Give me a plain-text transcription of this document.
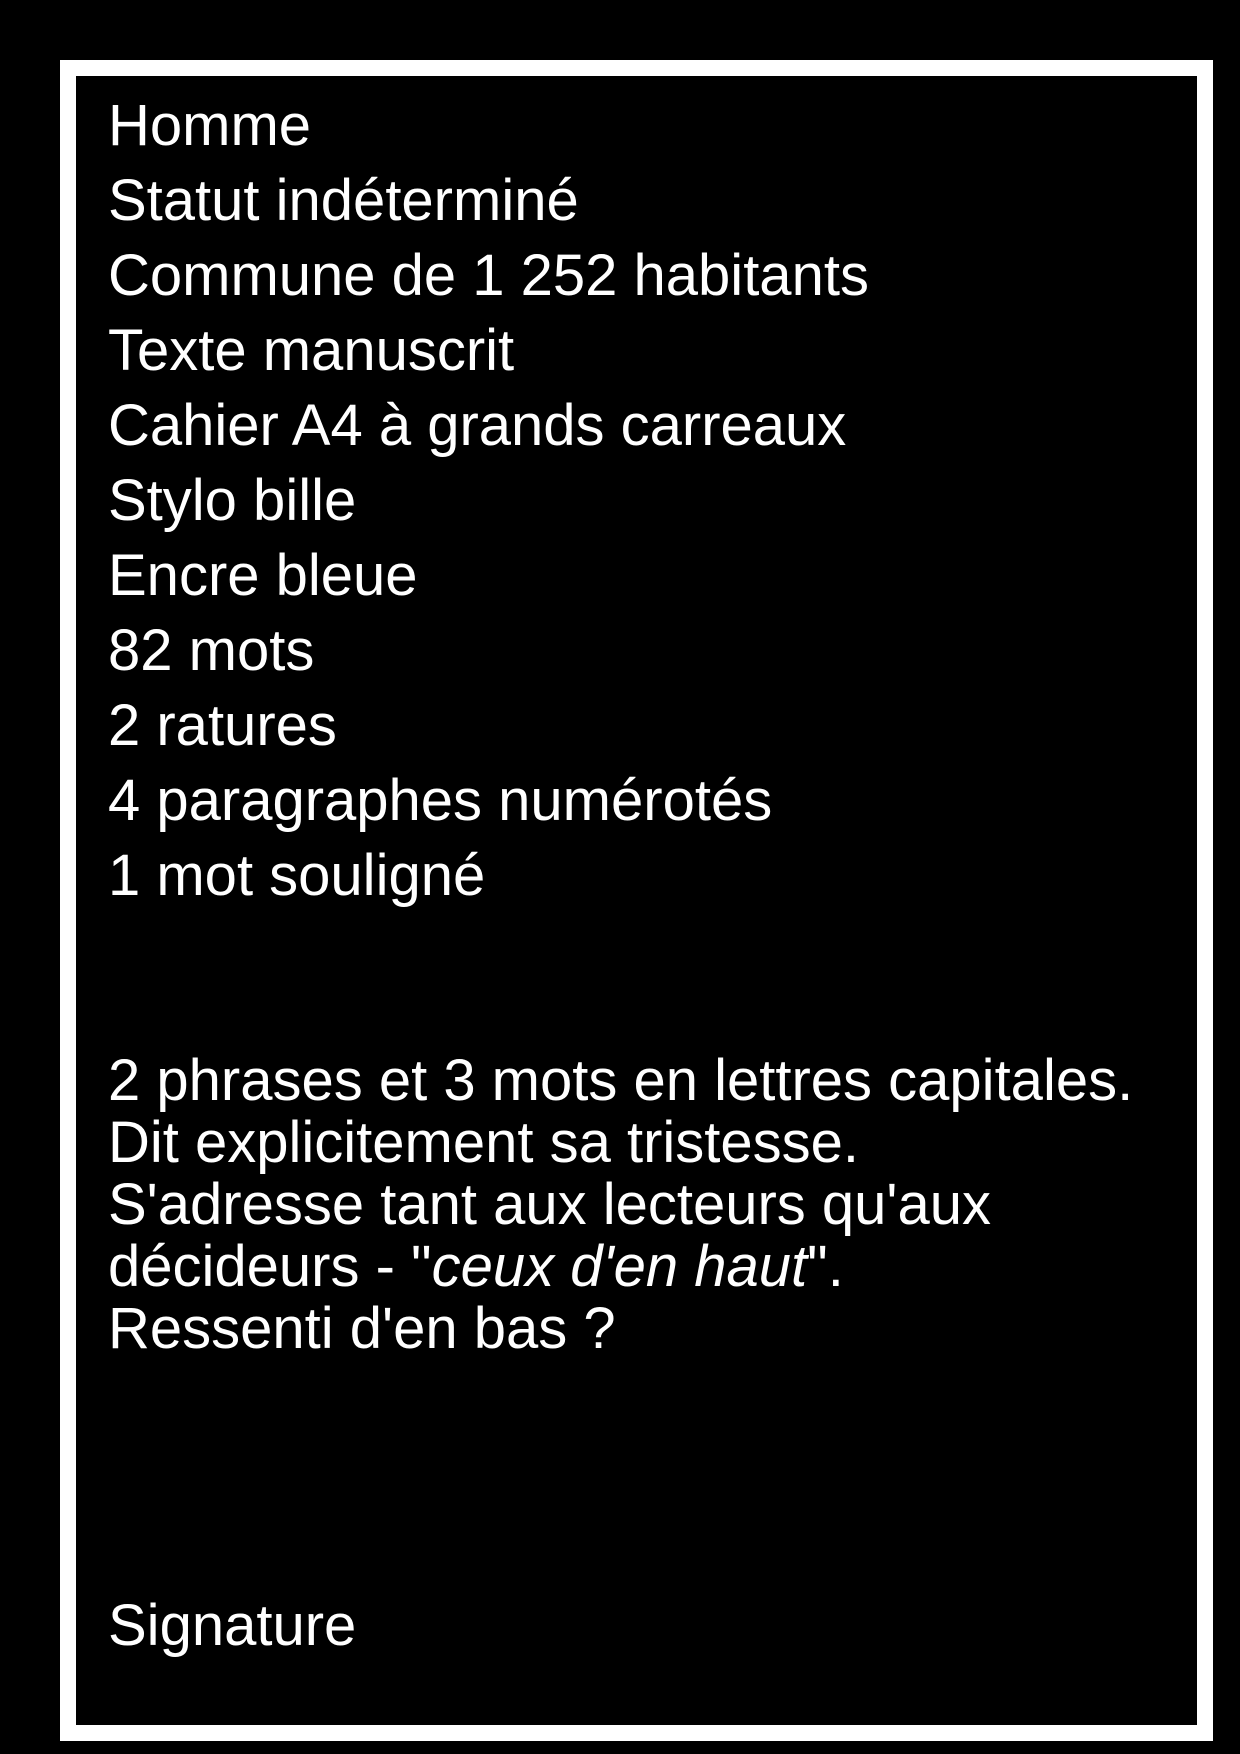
Homme
Statut indéterminé
Commune de 1 252 habitants
Texte manuscrit
Cahier A4 à grands carreaux
Stylo bille
Encre bleue
82 mots
2 ratures
4 paragraphes numérotés
1 mot souligné

2 phrases et 3 mots en lettres capitales.

Dit explicitement sa tristesse.

S'adresse tant aux lecteurs qu'aux décideurs - "ceux d'en haut".

Ressenti d'en bas ?

Signature
